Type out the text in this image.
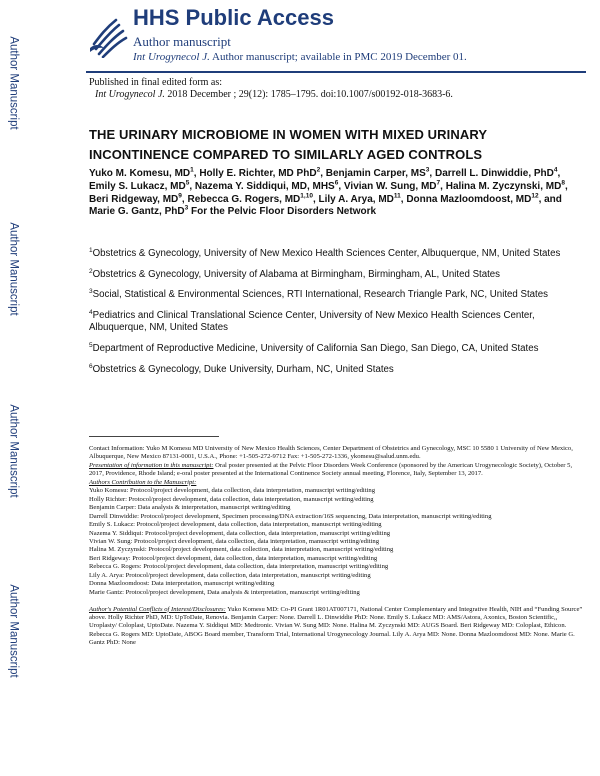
Author Manuscript
Author Manuscript
Author Manuscript
Author Manuscript
HHS Public Access
Author manuscript
Int Urogynecol J. Author manuscript; available in PMC 2019 December 01.
Published in final edited form as:
Int Urogynecol J. 2018 December ; 29(12): 1785–1795. doi:10.1007/s00192-018-3683-6.
THE URINARY MICROBIOME IN WOMEN WITH MIXED URINARY INCONTINENCE COMPARED TO SIMILARLY AGED CONTROLS

Yuko M. Komesu, $MD^1$, Holly E. Richter, MD PhD$^2$, Benjamin Carper, $MS^3$, Darrell L. Dinwiddie, PhD$^4$, Emily S. Lukacz, $MD^5$, Nazema Y. Siddiqui, MD, MHS$^6$, Vivian W. Sung, $MD^7$, Halina M. Zyczynski, $MD^8$, Beri Ridgeway, $MD^9$, Rebecca G. Rogers, MD$^{1,10}$, Lily A. Arya, MD$^{11}$, Donna Mazloomdoost, MD$^{12}$, and Marie G. Gantz, PhD$^3$ For the Pelvic Floor Disorders Network

$^1$Obstetrics & Gynecology, University of New Mexico Health Sciences Center, Albuquerque, NM, United States

$^2$Obstetrics & Gynecology, University of Alabama at Birmingham, Birmingham, AL, United States

$^3$Social, Statistical & Environmental Sciences, RTI International, Research Triangle Park, NC, United States

$^4$Pediatrics and Clinical Translational Science Center, University of New Mexico Health Sciences Center, Albuquerque, NM, United States

$^5$Department of Reproductive Medicine, University of California San Diego, San Diego, CA, United States

$^6$Obstetrics & Gynecology, Duke University, Durham, NC, United States

Contact Information: Yuko M Komesu MD University of New Mexico Health Sciences, Center Department of Obstetrics and Gynecology, MSC 10 5580 1 University of New Mexico, Albuquerque, New Mexico 87131-0001, U.S.A., Phone: +1-505-272-9712 Fax: +1-505-272-1336, ykomesu@salud.unm.edu.

Presentation of information in this manuscript: Oral poster presented at the Pelvic Floor Disorders Week Conference (sponsored by the American Urogynecologic Society), October 5, 2017, Providence, Rhode Island; e-oral poster presented at the International Continence Society annual meeting, Florence, Italy, September 13, 2017.

Authors Contribution to the Manuscript:

Yuko Komesu: Protocol/project development, data collection, data interpretation, manuscript writing/editing

Holly Richter: Protocol/project development, data collection, data interpretation, manuscript writing/editing

Benjamin Carper: Data analysis & interpretation, manuscript writing/editing

Darrell Dinwiddie: Protocol/project development, Specimen processing/DNA extraction/16S sequencing, Data interpretation, manuscript writing/editing

Emily S. Lukacz: Protocol/project development, data collection, data interpretation, manuscript writing/editing

Nazema Y. Siddiqui: Protocol/project development, data collection, data interpretation, manuscript writing/editing

Vivian W. Sung: Protocol/project development, data collection, data interpretation, manuscript writing/editing

Halina M. Zyczynski: Protocol/project development, data collection, data interpretation, manuscript writing/editing

Beri Ridgeway: Protocol/project development, data collection, data interpretation, manuscript writing/editing

Rebecca G. Rogers: Protocol/project development, data collection, data interpretation, manuscript writing/editing

Lily A. Arya: Protocol/project development, data collection, data interpretation, manuscript writing/editing

Donna Mazloomdoost: Data interpretation, manuscript writing/editing

Marie Gantz: Protocol/project development, Data analysis & interpretation, manuscript writing/editing

Author's Potential Conflicts of Interest/Disclosures: Yuko Komesu MD: Co-PI Grant 1R01AT007171, National Center Complementary and Integrative Health, NIH and “Funding Source” above. Holly Richter PhD, MD: UpToDate, Renovia. Benjamin Carper: None. Darrell L. Dinwiddie PhD: None. Emily S. Lukacz MD: AMS/Astora, Axonics, Boston Scientific,, Uroplasty/ Coloplast, UptoDate. Nazema Y. Siddiqui MD: Medtronic. Vivian W. Sung MD: None. Halina M. Zyczynski MD: AUGS Board. Beri Ridgeway MD: Coloplast, Ethicon. Rebecca G. Rogers MD: UptoDate, ABOG Board member, Transform Trial, International Urogynecology Journal. Lily A. Arya MD: None. Donna Mazloomdoost MD: None. Marie G. Gantz PhD: None
